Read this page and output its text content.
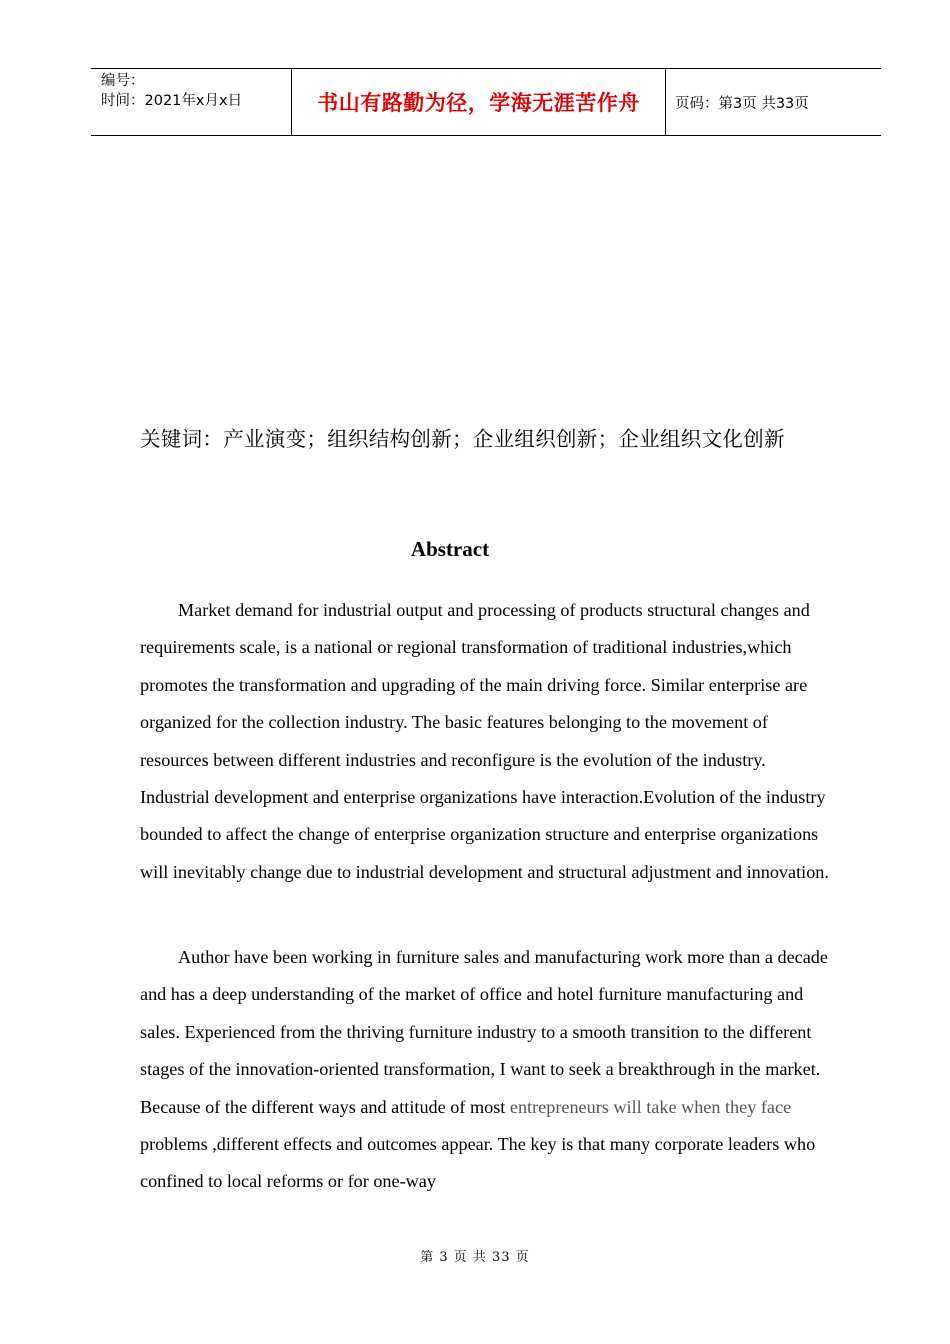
编号：
时间：2021年x月x日	书山有路勤为径，学海无涯苦作舟 页码：第3页 共33页
关键词：产业演变；组织结构创新；企业组织创新；企业组织文化创新
Abstract

Market demand for industrial output and processing of products structural changes and requirements scale, is a national or regional transformation of traditional industries,which promotes the transformation and upgrading of the main driving force. Similar enterprise are organized for the collection industry. The basic features belonging to the movement of resources between different industries and reconfigure is the evolution of the industry. Industrial development and enterprise organizations have interaction.Evolution of the industry bounded to affect the change of enterprise organization structure and enterprise organizations will inevitably change due to industrial development and structural adjustment and innovation.

Author have been working in furniture sales and manufacturing work more than a decade and has a deep understanding of the market of office and hotel furniture manufacturing and sales. Experienced from the thriving furniture industry to a smooth transition to the different stages of the innovation-oriented transformation, I want to seek a breakthrough in the market. Because of the different ways and attitude of most entrepreneurs will take when they face problems ,different effects and outcomes appear. The key is that many corporate leaders who confined to local reforms or for one-way

第 3 页 共 33 页
